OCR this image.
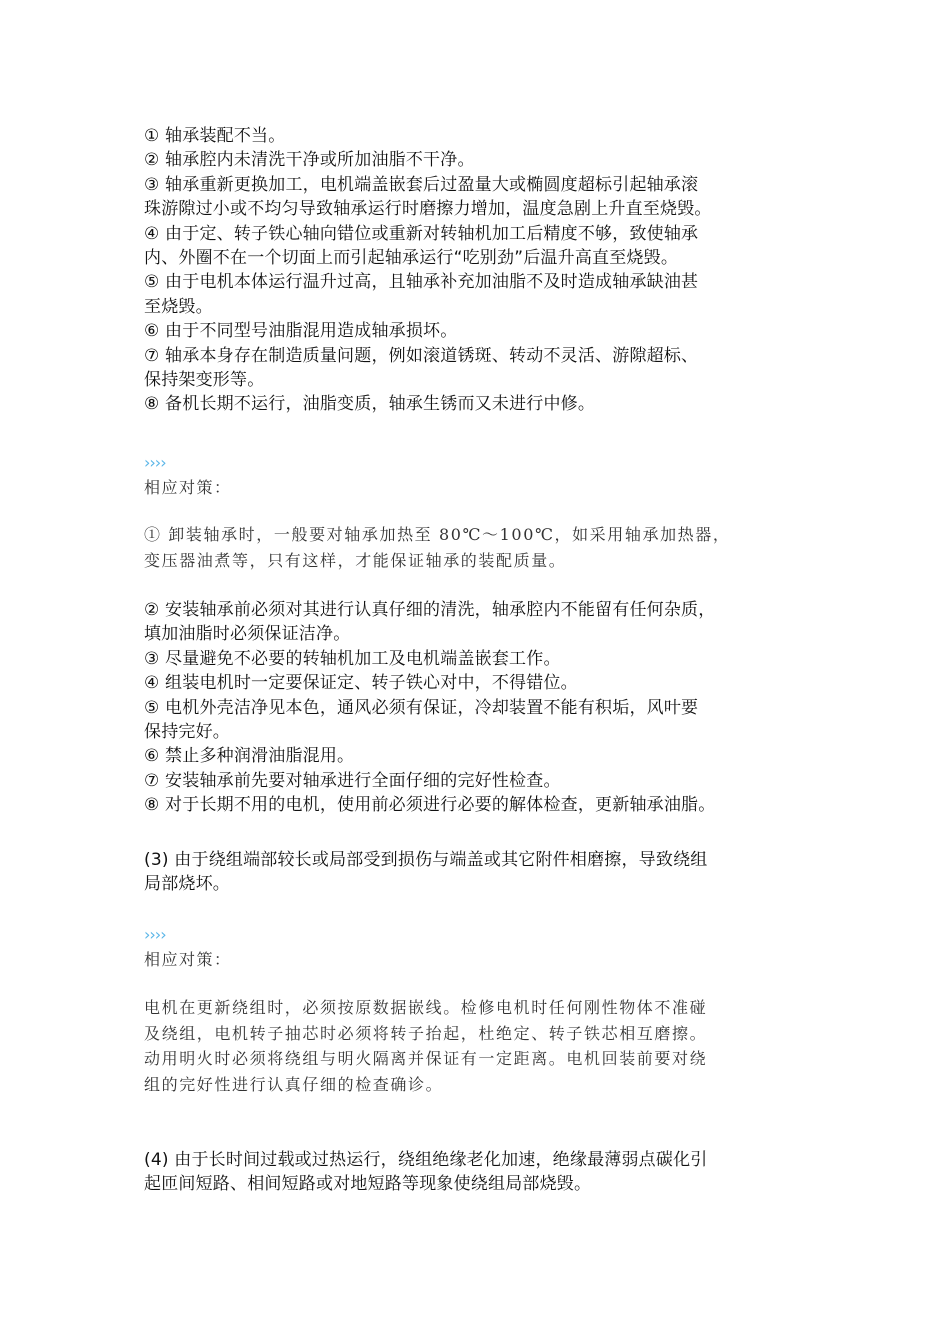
① 轴承装配不当。
② 轴承腔内未清洗干净或所加油脂不干净。
③ 轴承重新更换加工，电机端盖嵌套后过盈量大或椭圆度超标引起轴承滚
珠游隙过小或不均匀导致轴承运行时磨擦力增加，温度急剧上升直至烧毁。
④ 由于定、转子铁心轴向错位或重新对转轴机加工后精度不够，致使轴承
内、外圈不在一个切面上而引起轴承运行“吃别劲”后温升高直至烧毁。
⑤ 由于电机本体运行温升过高，且轴承补充加油脂不及时造成轴承缺油甚
至烧毁。
⑥ 由于不同型号油脂混用造成轴承损坏。
⑦ 轴承本身存在制造质量问题，例如滚道锈斑、转动不灵活、游隙超标、
保持架变形等。
⑧ 备机长期不运行，油脂变质，轴承生锈而又未进行中修。

››››

相应对策：

① 卸装轴承时，一般要对轴承加热至 80℃～100℃，如采用轴承加热器，
变压器油煮等，只有这样，才能保证轴承的装配质量。

② 安装轴承前必须对其进行认真仔细的清洗，轴承腔内不能留有任何杂质，
填加油脂时必须保证洁净。
③ 尽量避免不必要的转轴机加工及电机端盖嵌套工作。
④ 组装电机时一定要保证定、转子铁心对中，不得错位。
⑤ 电机外壳洁净见本色，通风必须有保证，冷却装置不能有积垢，风叶要
保持完好。
⑥ 禁止多种润滑油脂混用。
⑦ 安装轴承前先要对轴承进行全面仔细的完好性检查。
⑧ 对于长期不用的电机，使用前必须进行必要的解体检查，更新轴承油脂。

(3) 由于绕组端部较长或局部受到损伤与端盖或其它附件相磨擦，导致绕组
局部烧坏。

››››

相应对策：

电机在更新绕组时，必须按原数据嵌线。检修电机时任何刚性物体不准碰
及绕组，电机转子抽芯时必须将转子抬起，杜绝定、转子铁芯相互磨擦。
动用明火时必须将绕组与明火隔离并保证有一定距离。电机回装前要对绕
组的完好性进行认真仔细的检查确诊。

(4) 由于长时间过载或过热运行，绕组绝缘老化加速，绝缘最薄弱点碳化引
起匝间短路、相间短路或对地短路等现象使绕组局部烧毁。
